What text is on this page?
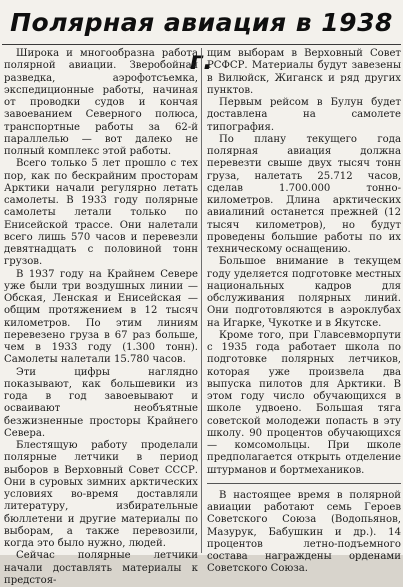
Полярная авиация в 1938 г.

Широка и многообразна работа полярной авиации. Зверобойная разведка, аэрофотсъемка, экспедиционные работы, начиная от проводки судов и кончая завоеванием Северного полюса, транспортные работы за 62-й параллелью — вот далеко не полный комплекс этой работы.

Всего только 5 лет прошло с тех пор, как по бескрайним просторам Арктики начали регулярно летать самолеты. В 1933 году полярные самолеты летали только по Енисейской трассе. Они налетали всего лишь 570 часов и перевезли девятнадцать с половиной тонн грузов.

В 1937 году на Крайнем Севере уже были три воздушных линии — Обская, Ленская и Енисейская — общим протяжением в 12 тысяч километров. По этим линиям перевезено груза в 67 раз больше, чем в 1933 году (1.300 тонн). Самолеты налетали 15.780 часов.

Эти цифры наглядно показывают, как большевики из года в год завоевывают и осваивают необъятные безжизненные просторы Крайнего Севера.

Блестящую работу проделали полярные летчики в период выборов в Верховный Совет СССР. Они в суровых зимних арктических условиях во-время доставляли литературу, избирательные бюллетени и другие материалы по выборам, а также перевозили, когда это было нужно, людей.

Сейчас полярные летчики начали доставлять материалы к предстоя-

щим выборам в Верховный Совет РСФСР. Материалы будут завезены в Вилюйск, Жиганск и ряд других пунктов.

Первым рейсом в Булун будет доставлена на самолете типография.

По плану текущего года полярная авиация должна перевезти свыше двух тысяч тонн груза, налетать 25.712 часов, сделав 1.700.000 тонно-километров. Длина арктических авиалиний останется прежней (12 тысяч километров), но будут проведены большие работы по их техническому оснащению.

Большое внимание в текущем году уделяется подготовке местных национальных кадров для обслуживания полярных линий. Они подготовляются в аэроклубах на Игарке, Чукотке и в Якутске.

Кроме того, при Главсевморпути с 1935 года работает школа по подготовке полярных летчиков, которая уже произвела два выпуска пилотов для Арктики. В этом году число обучающихся в школе удвоено. Большая тяга советской молодежи попасть в эту школу. 90 процентов обучающихся — комсомольцы. При школе предполагается открыть отделение штурманов и бортмехаников.

В настоящее время в полярной авиации работают семь Героев Советского Союза (Водопьянов, Мазурук, Бабушкин и др.). 14 процентов летно-подъемного состава награждены орденами Советского Союза.
